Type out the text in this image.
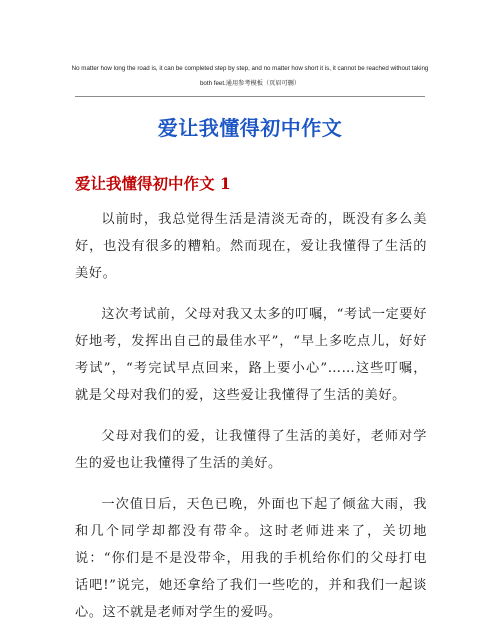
No matter how long the road is, it can be completed step by step, and no matter how short it is, it cannot be reached without taking both feet.通用参考模板（页眉可删）
爱让我懂得初中作文
爱让我懂得初中作文 1

以前时，我总觉得生活是清淡无奇的，既没有多么美好，也没有很多的糟粕。然而现在，爱让我懂得了生活的美好。

这次考试前，父母对我又太多的叮嘱，“考试一定要好好地考，发挥出自己的最佳水平”，“早上多吃点儿，好好考试”，“考完试早点回来，路上要小心”……这些叮嘱，就是父母对我们的爱，这些爱让我懂得了生活的美好。

父母对我们的爱，让我懂得了生活的美好，老师对学生的爱也让我懂得了生活的美好。

一次值日后，天色已晚，外面也下起了倾盆大雨，我和几个同学却都没有带伞。这时老师进来了，关切地说：“你们是不是没带伞，用我的手机给你们的父母打电话吧!”说完，她还拿给了我们一些吃的，并和我们一起谈心。这不就是老师对学生的爱吗。
